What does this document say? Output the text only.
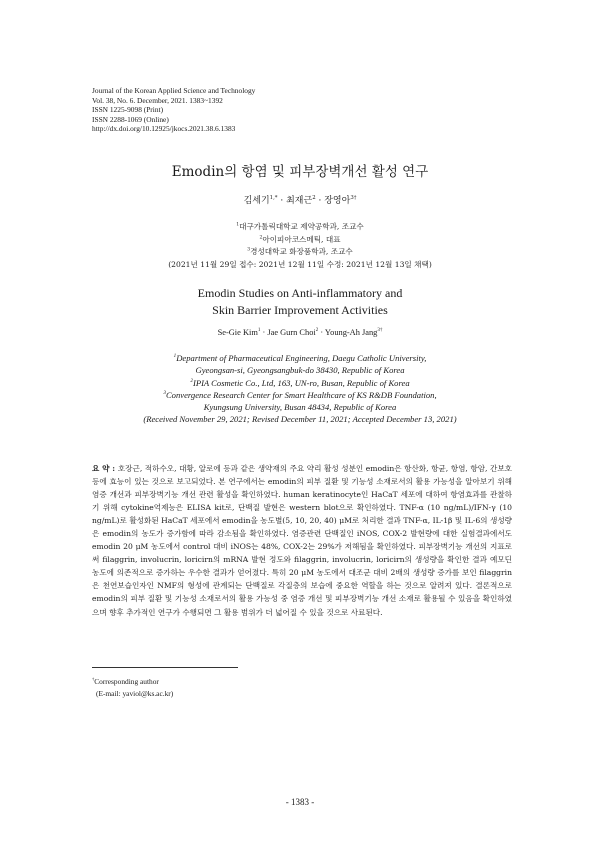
Journal of the Korean Applied Science and Technology
Vol. 38, No. 6. December, 2021. 1383~1392
ISSN 1225-9098 (Print)
ISSN 2288-1069 (Online)
http://dx.doi.org/10.12925/jkocs.2021.38.6.1383
Emodin의 항염 및 피부장벽개선 활성 연구
김세기$^{1,*}$ · 최재근$^2$ · 장영아$^{3\dagger}$
$^1$대구가톨릭대학교 제약공학과, 조교수
$^2$아이피아코스메틱, 대표
$^3$경성대학교 화장품학과, 조교수
(2021년 11월 29일 접수: 2021년 12월 11일 수정: 2021년 12월 13일 채택)
Emodin Studies on Anti-inflammatory and
Skin Barrier Improvement Activities
Se-Gie Kim$^1$ · Jae Gurn Choi$^2$ · Young-Ah Jang$^{3\dagger}$
$^1$Department of Pharmaceutical Engineering, Daegu Catholic University,
Gyeongsan-si, Gyeongsangbuk-do 38430, Republic of Korea
$^2$IPIA Cosmetic Co., Ltd, 163, UN-ro, Busan, Republic of Korea
$^3$Convergence Research Center for Smart Healthcare of KS R&DB Foundation,
Kyungsung University, Busan 48434, Republic of Korea
(Received November 29, 2021; Revised December 11, 2021; Accepted December 13, 2021)
요 약 : 호장근, 적하수오, 대황, 알로에 등과 같은 생약재의 주요 약리 활성 성분인 emodin은 항산화, 항균, 항염, 항암, 간보호 등에 효능이 있는 것으로 보고되었다. 본 연구에서는 emodin의 피부 질환 및 기능성 소재로서의 활용 가능성을 알아보기 위해 염증 개선과 피부장벽기능 개선 관련 활성을 확인하였다. human keratinocyte인 HaCaT 세포에 대하여 항염효과를 관찰하기 위해 cytokine억제능은 ELISA kit로, 단백질 발현은 western blot으로 확인하였다. TNF-α (10 ng/mL)/IFN-γ (10 ng/mL)로 활성화된 HaCaT 세포에서 emodin을 농도별(5, 10, 20, 40) μM로 처리한 결과 TNF-α, IL-1β 및 IL-6의 생성량은 emodin의 농도가 증가함에 따라 감소됨을 확인하였다. 염증관련 단백질인 iNOS, COX-2 발현량에 대한 실험결과에서도 emodin 20 μM 농도에서 control 대비 iNOS는 48%, COX-2는 29%가 저해됨을 확인하였다. 피부장벽기능 개선의 지표로써 filaggrin, involucrin, loricirn의 mRNA 발현 정도와 filaggrin, involucrin, loricirn의 생성량을 확인한 결과 예모딘 농도에 의존적으로 증가하는 우수한 결과가 얻어졌다. 특히 20 μM 농도에서 대조군 대비 2배의 생성량 증가를 보인 filaggrin은 천연보습인자인 NMF의 형성에 관계되는 단백질로 각질층의 보습에 중요한 역할을 하는 것으로 알려져 있다. 결론적으로 emodin의 피부 질환 및 기능성 소재로서의 활용 가능성 중 염증 개선 및 피부장벽기능 개선 소재로 활용될 수 있음을 확인하였으며 향후 추가적인 연구가 수행되면 그 활용 범위가 더 넓어질 수 있을 것으로 사료된다.
†Corresponding author
(E-mail: yaviol@ks.ac.kr)
- 1383 -
